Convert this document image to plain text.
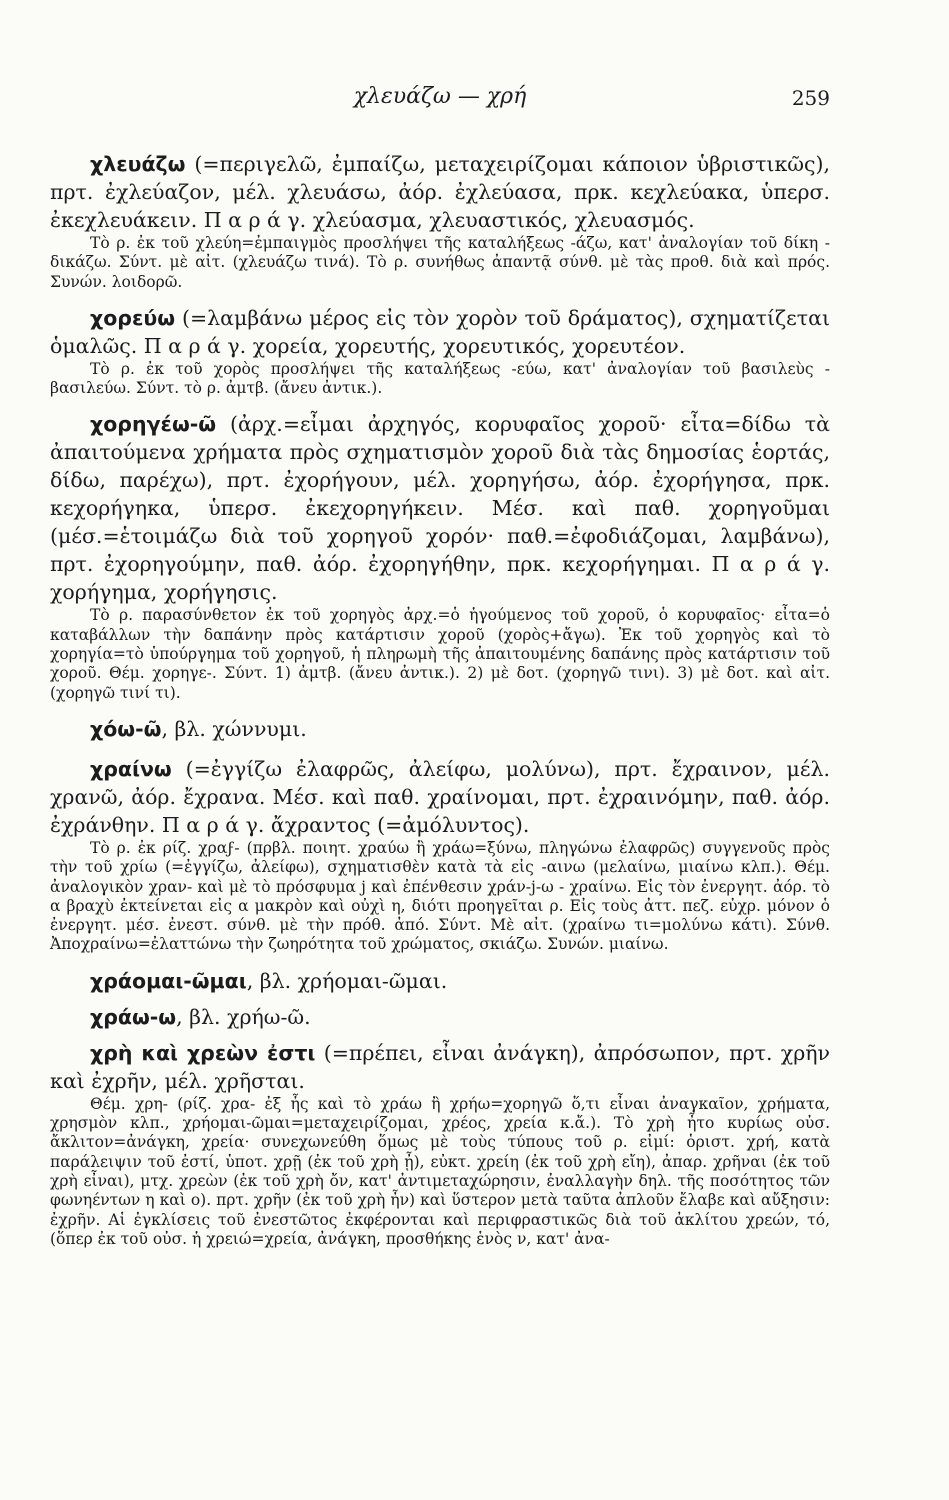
χλευάζω — χρή	259

χλευάζω (=περιγελῶ, ἐμπαίζω, μεταχειρίζομαι κάποιον ὑβριστικῶς), πρτ. ἐχλεύαζον, μέλ. χλευάσω, ἀόρ. ἐχλεύασα, πρκ. κεχλεύακα, ὑπερσ. ἐκεχλευάκειν. Π α ρ ά γ. χλεύασμα, χλευαστικός, χλευασμός.

Τὸ ρ. ἐκ τοῦ χλεύη=ἐμπαιγμὸς προσλήψει τῆς καταλήξεως -άζω, κατ' ἀναλογίαν τοῦ δίκη - δικάζω. Σύντ. μὲ αἰτ. (χλευάζω τινά). Τὸ ρ. συνήθως ἀπαντᾷ σύνθ. μὲ τὰς προθ. διὰ καὶ πρός. Συνών. λοιδορῶ.

χορεύω (=λαμβάνω μέρος εἰς τὸν χορὸν τοῦ δράματος), σχηματίζεται ὁμαλῶς. Π α ρ ά γ. χορεία, χορευτής, χορευτικός, χορευτέον.

Τὸ ρ. ἐκ τοῦ χορὸς προσλήψει τῆς καταλήξεως -εύω, κατ' ἀναλογίαν τοῦ βασιλεὺς - βασιλεύω. Σύντ. τὸ ρ. ἀμτβ. (ἄνευ ἀντικ.).

χορηγέω-ῶ (ἀρχ.=εἶμαι ἀρχηγός, κορυφαῖος χοροῦ· εἶτα=δίδω τὰ ἀπαιτούμενα χρήματα πρὸς σχηματισμὸν χοροῦ διὰ τὰς δημοσίας ἑορτάς, δίδω, παρέχω), πρτ. ἐχορήγουν, μέλ. χορηγήσω, ἀόρ. ἐχορήγησα, πρκ. κεχορήγηκα, ὑπερσ. ἐκεχορηγήκειν. Μέσ. καὶ παθ. χορηγοῦμαι (μέσ.=ἑτοιμάζω διὰ τοῦ χορηγοῦ χορόν· παθ.=ἐφοδιάζομαι, λαμβάνω), πρτ. ἐχορηγούμην, παθ. ἀόρ. ἐχορηγήθην, πρκ. κεχορήγημαι. Π α ρ ά γ. χορήγημα, χορήγησις.

Τὸ ρ. παρασύνθετον ἐκ τοῦ χορηγὸς ἀρχ.=ὁ ἡγούμενος τοῦ χοροῦ, ὁ κορυφαῖος· εἶτα=ὁ καταβάλλων τὴν δαπάνην πρὸς κατάρτισιν χοροῦ (χορὸς+ἄγω). Ἐκ τοῦ χορηγὸς καὶ τὸ χορηγία=τὸ ὑπούργημα τοῦ χορηγοῦ, ἡ πληρωμὴ τῆς ἀπαιτουμένης δαπάνης πρὸς κατάρτισιν τοῦ χοροῦ. Θέμ. χορηγε-. Σύντ. 1) ἀμτβ. (ἄνευ ἀντικ.). 2) μὲ δοτ. (χορηγῶ τινι). 3) μὲ δοτ. καὶ αἰτ. (χορηγῶ τινί τι).

χόω-ῶ, βλ. χώννυμι.

χραίνω (=ἐγγίζω ἐλαφρῶς, ἀλείφω, μολύνω), πρτ. ἔχραινον, μέλ. χρανῶ, ἀόρ. ἔχρανα. Μέσ. καὶ παθ. χραίνομαι, πρτ. ἐχραινόμην, παθ. ἀόρ. ἐχράνθην. Π α ρ ά γ. ἄχραντος (=ἀμόλυντος).

Τὸ ρ. ἐκ ρίζ. χραϝ- (πρβλ. ποιητ. χραύω ἢ χράω=ξύνω, πληγώνω ἐλαφρῶς) συγγενοῦς πρὸς τὴν τοῦ χρίω (=ἐγγίζω, ἀλείφω), σχηματισθὲν κατὰ τὰ εἰς -αινω (μελαίνω, μιαίνω κλπ.). Θέμ. ἀναλογικὸν χραν- καὶ μὲ τὸ πρόσφυμα j καὶ ἐπένθεσιν χράν-j-ω - χραίνω. Εἰς τὸν ἐνεργητ. ἀόρ. τὸ α βραχὺ ἐκτείνεται εἰς α μακρὸν καὶ οὐχὶ η, διότι προηγεῖται ρ. Εἰς τοὺς ἀττ. πεζ. εὐχρ. μόνον ὁ ἐνεργητ. μέσ. ἐνεστ. σύνθ. μὲ τὴν πρόθ. ἀπό. Σύντ. Μὲ αἰτ. (χραίνω τι=μολύνω κάτι). Σύνθ. Ἀποχραίνω=ἐλαττώνω τὴν ζωηρότητα τοῦ χρώματος, σκιάζω. Συνών. μιαίνω.

χράομαι-ῶμαι, βλ. χρήομαι-ῶμαι.

χράω-ω, βλ. χρήω-ῶ.

χρὴ καὶ χρεὼν ἐστι (=πρέπει, εἶναι ἀνάγκη), ἀπρόσωπον, πρτ. χρῆν καὶ ἐχρῆν, μέλ. χρῆσται.

Θέμ. χρη- (ρίζ. χρα- ἐξ ἧς καὶ τὸ χράω ἢ χρήω=χορηγῶ ὅ,τι εἶναι ἀναγκαῖον, χρήματα, χρησμὸν κλπ., χρήομαι-ῶμαι=μεταχειρίζομαι, χρέος, χρεία κ.ἄ.). Τὸ χρὴ ἦτο κυρίως οὐσ. ἄκλιτον=ἀνάγκη, χρεία· συνεχωνεύθη ὅμως μὲ τοὺς τύπους τοῦ ρ. εἰμί: ὁριστ. χρή, κατὰ παράλειψιν τοῦ ἐστί, ὑποτ. χρῇ (ἐκ τοῦ χρὴ ᾖ), εὐκτ. χρείη (ἐκ τοῦ χρὴ εἴη), ἀπαρ. χρῆναι (ἐκ τοῦ χρὴ εἶναι), μτχ. χρεὼν (ἐκ τοῦ χρὴ ὄν, κατ' ἀντιμεταχώρησιν, ἐναλλαγὴν δηλ. τῆς ποσότητος τῶν φωνηέντων η καὶ ο). πρτ. χρῆν (ἐκ τοῦ χρὴ ἦν) καὶ ὕστερον μετὰ ταῦτα ἀπλοῦν ἔλαβε καὶ αὔξησιν: ἐχρῆν. Αἱ ἐγκλίσεις τοῦ ἐνεστῶτος ἐκφέρονται καὶ περιφραστικῶς διὰ τοῦ ἀκλίτου χρεών, τό, (ὅπερ ἐκ τοῦ οὐσ. ἡ χρειώ=χρεία, ἀνάγκη, προσθήκης ἑνὸς ν, κατ' ἀνα-
